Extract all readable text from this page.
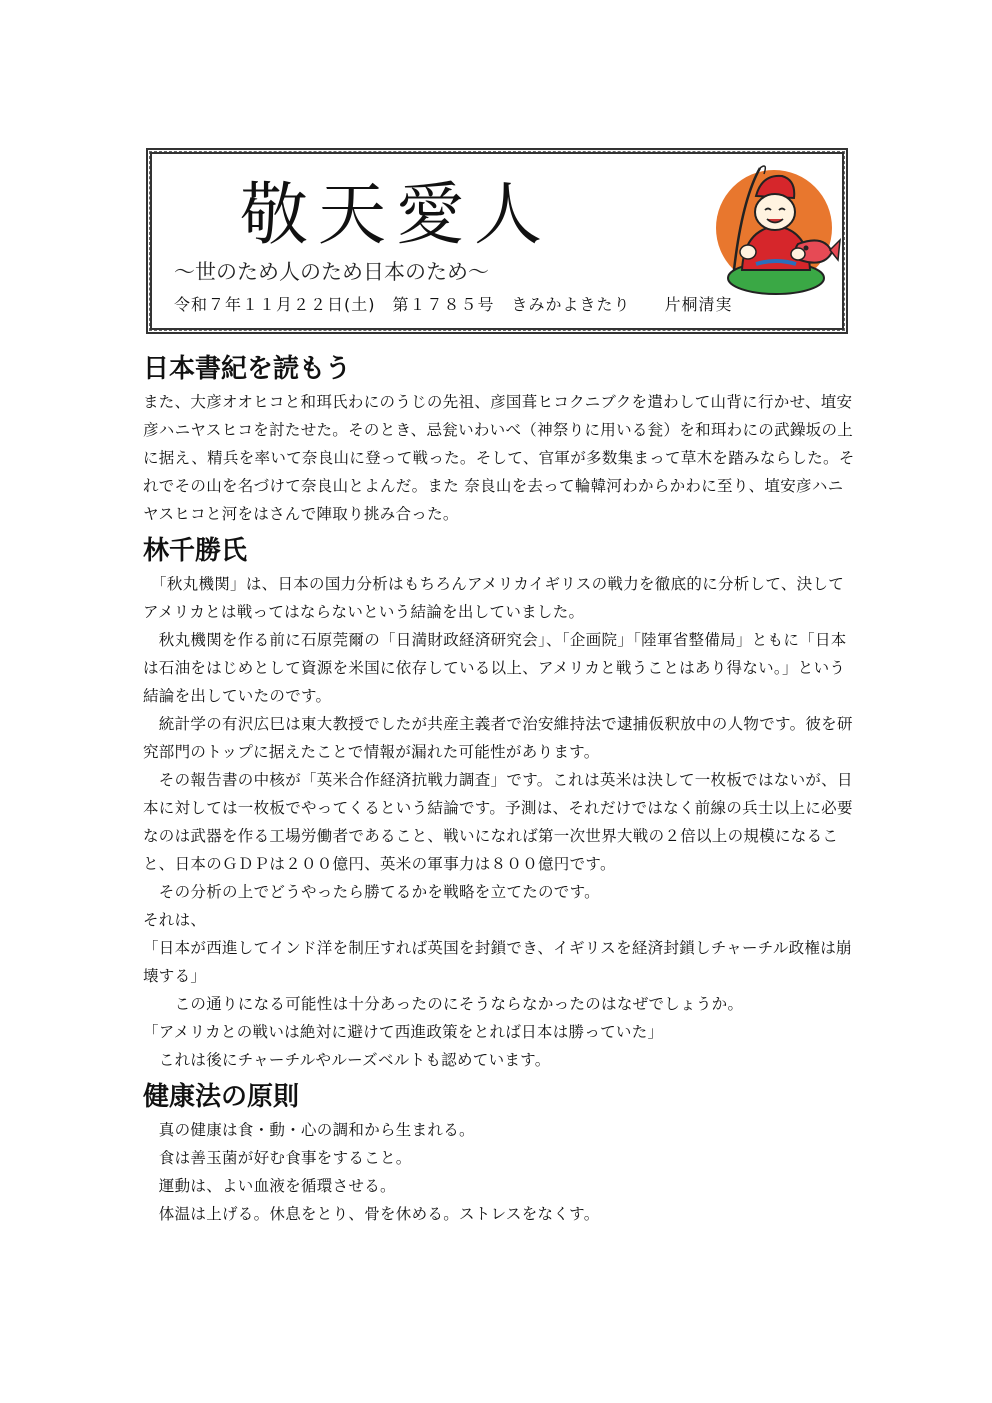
敬天愛人
～世のため人のため日本のため～
令和７年１１月２２日(土)　第１７８５号　きみかよきたり　　片桐清実
日本書紀を読もう

また、大彦オオヒコと和珥氏わにのうじの先祖、彦国葺ヒコクニブクを遣わして山背に行かせ、埴安彦ハニヤスヒコを討たせた。そのとき、忌瓮いわいべ（神祭りに用いる瓮）を和珥わにの武鐰坂の上に据え、精兵を率いて奈良山に登って戦った。そして、官軍が多数集まって草木を踏みならした。それでその山を名づけて奈良山とよんだ。また 奈良山を去って輪韓河わからかわに至り、埴安彦ハニヤスヒコと河をはさんで陣取り挑み合った。

林千勝氏

　「秋丸機関」は、日本の国力分析はもちろんアメリカイギリスの戦力を徹底的に分析して、決してアメリカとは戦ってはならないという結論を出していました。

　秋丸機関を作る前に石原莞爾の「日満財政経済研究会」、「企画院」「陸軍省整備局」ともに「日本は石油をはじめとして資源を米国に依存している以上、アメリカと戦うことはあり得ない。」という結論を出していたのです。

　統計学の有沢広巳は東大教授でしたが共産主義者で治安維持法で逮捕仮釈放中の人物です。彼を研究部門のトップに据えたことで情報が漏れた可能性があります。

　その報告書の中核が「英米合作経済抗戦力調査」です。これは英米は決して一枚板ではないが、日本に対しては一枚板でやってくるという結論です。予測は、それだけではなく前線の兵士以上に必要なのは武器を作る工場労働者であること、戦いになれば第一次世界大戦の２倍以上の規模になること、日本のＧＤＰは２００億円、英米の軍事力は８００億円です。

　その分析の上でどうやったら勝てるかを戦略を立てたのです。

それは、

「日本が西進してインド洋を制圧すれば英国を封鎖でき、イギリスを経済封鎖しチャーチル政権は崩壊する」

　　この通りになる可能性は十分あったのにそうならなかったのはなぜでしょうか。

「アメリカとの戦いは絶対に避けて西進政策をとれば日本は勝っていた」

　これは後にチャーチルやルーズベルトも認めています。

健康法の原則

　真の健康は食・動・心の調和から生まれる。

　食は善玉菌が好む食事をすること。

　運動は、よい血液を循環させる。

　体温は上げる。休息をとり、骨を休める。ストレスをなくす。
